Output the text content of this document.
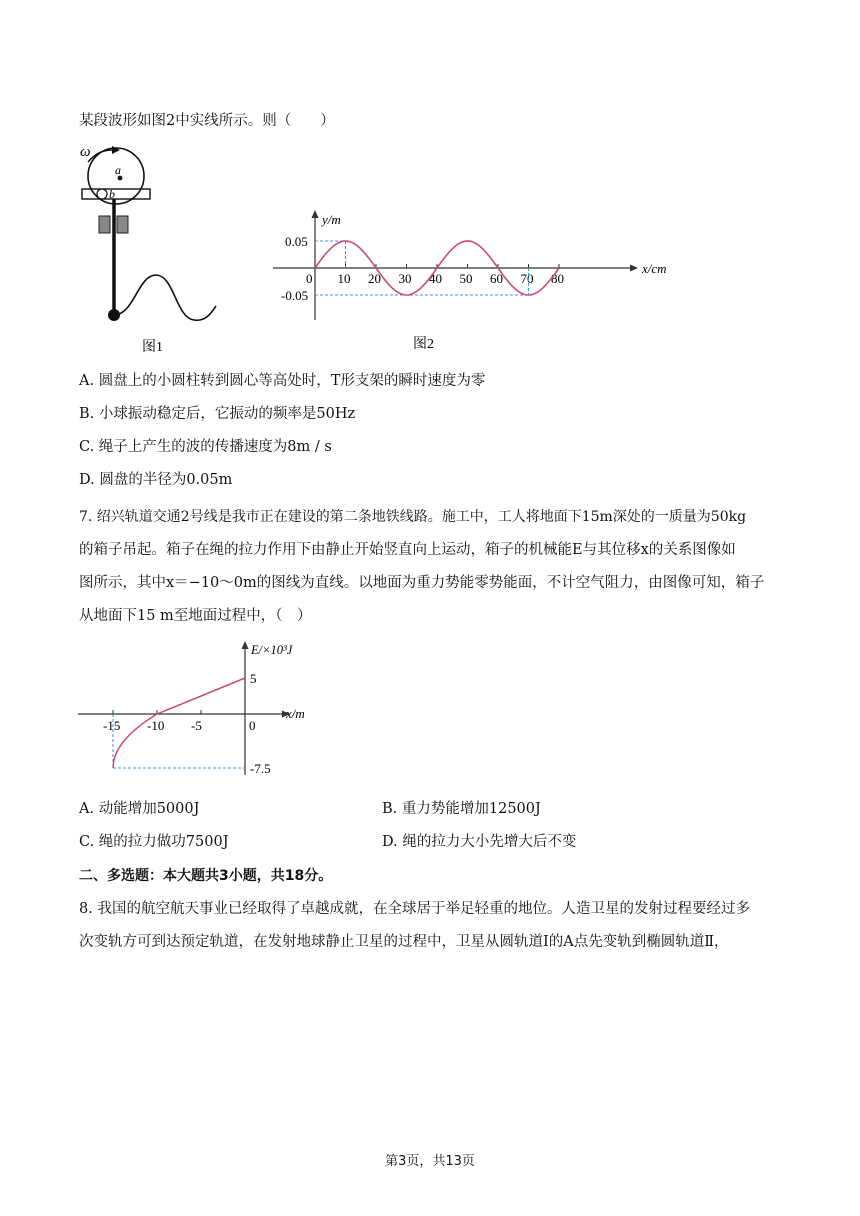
某段波形如图2中实线所示。则（　　）
ω
a
b
图1
y/m
x/cm
0
0.05
-0.05
10 20 30 40 50 60 70 80
图2
A. 圆盘上的小圆柱转到圆心等高处时，T形支架的瞬时速度为零
B. 小球振动稳定后，它振动的频率是50Hz
C. 绳子上产生的波的传播速度为8m / s
D. 圆盘的半径为0.05m
7. 绍兴轨道交通2号线是我市正在建设的第二条地铁线路。施工中，工人将地面下15m深处的一质量为50kg
的箱子吊起。箱子在绳的拉力作用下由静止开始竖直向上运动，箱子的机械能E与其位移x的关系图像如
图所示，其中x＝−10～0m的图线为直线。以地面为重力势能零势能面，不计空气阻力，由图像可知，箱子
从地面下15 m至地面过程中，（　）
E/×10³J
x/m
5
-7.5
-15 -10 -5	0
A. 动能增加5000J	B. 重力势能增加12500J
C. 绳的拉力做功7500J	D. 绳的拉力大小先增大后不变
二、多选题：本大题共3小题，共18分。
8. 我国的航空航天事业已经取得了卓越成就，在全球居于举足轻重的地位。人造卫星的发射过程要经过多
次变轨方可到达预定轨道，在发射地球静止卫星的过程中，卫星从圆轨道Ⅰ的A点先变轨到椭圆轨道Ⅱ，
第3页，共13页
